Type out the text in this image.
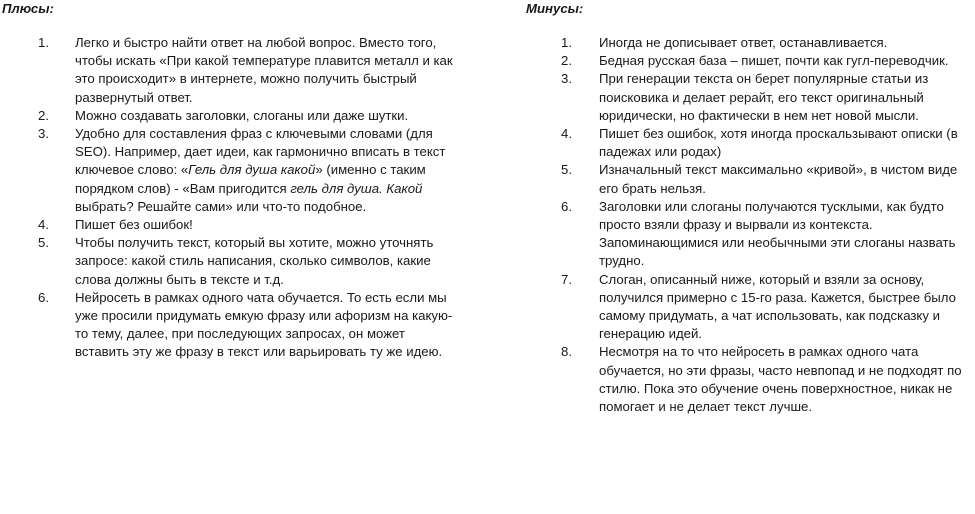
Плюсы:

1. Легко и быстро найти ответ на любой вопрос. Вместо того, чтобы искать «При какой температуре плавится металл и как это происходит» в интернете, можно получить быстрый развернутый ответ.
2. Можно создавать заголовки, слоганы или даже шутки.
3. Удобно для составления фраз с ключевыми словами (для SEO). Например, дает идеи, как гармонично вписать в текст ключевое слово: «Гель для душа какой» (именно с таким порядком слов) - «Вам пригодится гель для душа. Какой выбрать? Решайте сами» или что-то подобное.
4. Пишет без ошибок!
5. Чтобы получить текст, который вы хотите, можно уточнять запросе: какой стиль написания, сколько символов, какие слова должны быть в тексте и т.д.
6. Нейросеть в рамках одного чата обучается. То есть если мы уже просили придумать емкую фразу или афоризм на какую-то тему, далее, при последующих запросах, он может вставить эту же фразу в текст или варьировать ту же идею.

Минусы:

1. Иногда не дописывает ответ, останавливается.
2. Бедная русская база – пишет, почти как гугл-переводчик.
3. При генерации текста он берет популярные статьи из поисковика и делает рерайт, его текст оригинальный юридически, но фактически в нем нет новой мысли.
4. Пишет без ошибок, хотя иногда проскальзывают описки (в падежах или родах)
5. Изначальный текст максимально «кривой», в чистом виде его брать нельзя.
6. Заголовки или слоганы получаются тусклыми, как будто просто взяли фразу и вырвали из контекста. Запоминающимися или необычными эти слоганы назвать трудно.
7. Слоган, описанный ниже, который и взяли за основу, получился примерно с 15-го раза. Кажется, быстрее было самому придумать, а чат использовать, как подсказку и генерацию идей.
8. Несмотря на то что нейросеть в рамках одного чата обучается, но эти фразы, часто невпопад и не подходят по стилю. Пока это обучение очень поверхностное, никак не помогает и не делает текст лучше.
